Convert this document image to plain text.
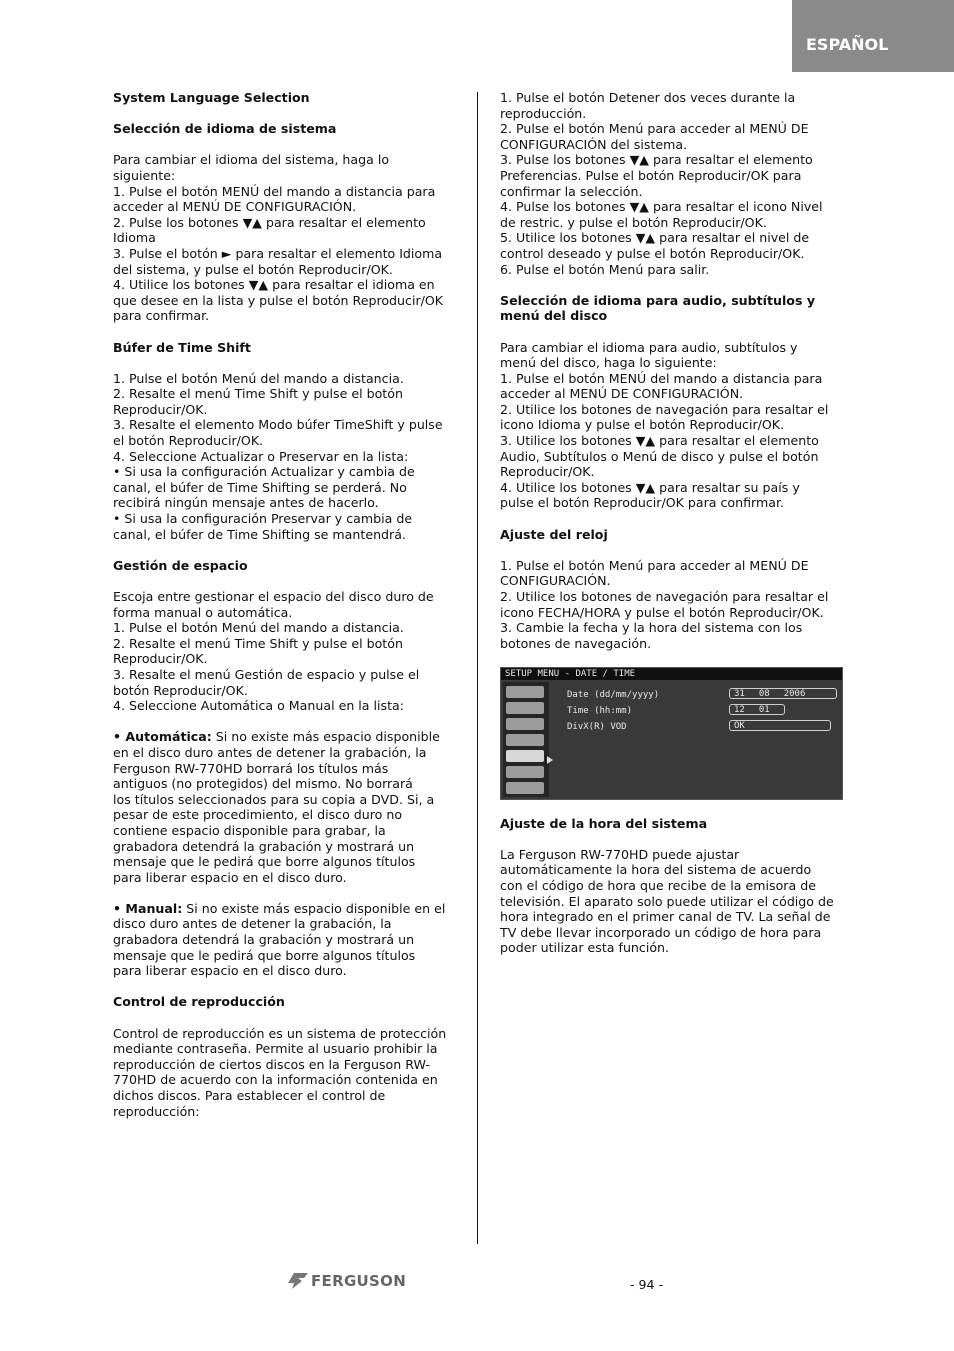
ESPAÑOL

System Language Selection

Selección de idioma de sistema

Para cambiar el idioma del sistema, haga lo
siguiente:
1. Pulse el botón MENÚ del mando a distancia para
acceder al MENÚ DE CONFIGURACIÓN.
2. Pulse los botones ▼▲ para resaltar el elemento
Idioma
3. Pulse el botón ► para resaltar el elemento Idioma
del sistema, y pulse el botón Reproducir/OK.
4. Utilice los botones ▼▲ para resaltar el idioma en
que desee en la lista y pulse el botón Reproducir/OK
para confirmar.

Búfer de Time Shift

1. Pulse el botón Menú del mando a distancia.
2. Resalte el menú Time Shift y pulse el botón
Reproducir/OK.
3. Resalte el elemento Modo búfer TimeShift y pulse
el botón Reproducir/OK.
4. Seleccione Actualizar o Preservar en la lista:
• Si usa la configuración Actualizar y cambia de
canal, el búfer de Time Shifting se perderá. No
recibirá ningún mensaje antes de hacerlo.
• Si usa la configuración Preservar y cambia de
canal, el búfer de Time Shifting se mantendrá.

Gestión de espacio

Escoja entre gestionar el espacio del disco duro de
forma manual o automática.
1. Pulse el botón Menú del mando a distancia.
2. Resalte el menú Time Shift y pulse el botón
Reproducir/OK.
3. Resalte el menú Gestión de espacio y pulse el
botón Reproducir/OK.
4. Seleccione Automática o Manual en la lista:

• Automática: Si no existe más espacio disponible
en el disco duro antes de detener la grabación, la
Ferguson RW-770HD borrará los títulos más
antiguos (no protegidos) del mismo. No borrará
los títulos seleccionados para su copia a DVD. Si, a
pesar de este procedimiento, el disco duro no
contiene espacio disponible para grabar, la
grabadora detendrá la grabación y mostrará un
mensaje que le pedirá que borre algunos títulos
para liberar espacio en el disco duro.

• Manual: Si no existe más espacio disponible en el
disco duro antes de detener la grabación, la
grabadora detendrá la grabación y mostrará un
mensaje que le pedirá que borre algunos títulos
para liberar espacio en el disco duro.

Control de reproducción

Control de reproducción es un sistema de protección
mediante contraseña. Permite al usuario prohibir la
reproducción de ciertos discos en la Ferguson RW-
770HD de acuerdo con la información contenida en
dichos discos. Para establecer el control de
reproducción:

1. Pulse el botón Detener dos veces durante la
reproducción.
2. Pulse el botón Menú para acceder al MENÚ DE
CONFIGURACIÓN del sistema.
3. Pulse los botones ▼▲ para resaltar el elemento
Preferencias. Pulse el botón Reproducir/OK para
confirmar la selección.
4. Pulse los botones ▼▲ para resaltar el icono Nivel
de restric. y pulse el botón Reproducir/OK.
5. Utilice los botones ▼▲ para resaltar el nivel de
control deseado y pulse el botón Reproducir/OK.
6. Pulse el botón Menú para salir.

Selección de idioma para audio, subtítulos y
menú del disco

Para cambiar el idioma para audio, subtítulos y
menú del disco, haga lo siguiente:
1. Pulse el botón MENÚ del mando a distancia para
acceder al MENÚ DE CONFIGURACIÓN.
2. Utilice los botones de navegación para resaltar el
icono Idioma y pulse el botón Reproducir/OK.
3. Utilice los botones ▼▲ para resaltar el elemento
Audio, Subtítulos o Menú de disco y pulse el botón
Reproducir/OK.
4. Utilice los botones ▼▲ para resaltar su país y
pulse el botón Reproducir/OK para confirmar.

Ajuste del reloj

1. Pulse el botón Menú para acceder al MENÚ DE
CONFIGURACIÓN.
2. Utilice los botones de navegación para resaltar el
icono FECHA/HORA y pulse el botón Reproducir/OK.
3. Cambie la fecha y la hora del sistema con los
botones de navegación.

SETUP MENU - DATE / TIME
Date (dd/mm/yyyy)	31 08 2006
Time (hh:mm)	12 01
DivX(R) VOD	OK

Ajuste de la hora del sistema

La Ferguson RW-770HD puede ajustar
automáticamente la hora del sistema de acuerdo
con el código de hora que recibe de la emisora de
televisión. El aparato solo puede utilizar el código de
hora integrado en el primer canal de TV. La señal de
TV debe llevar incorporado un código de hora para
poder utilizar esta función.

FERGUSON	- 94 -
